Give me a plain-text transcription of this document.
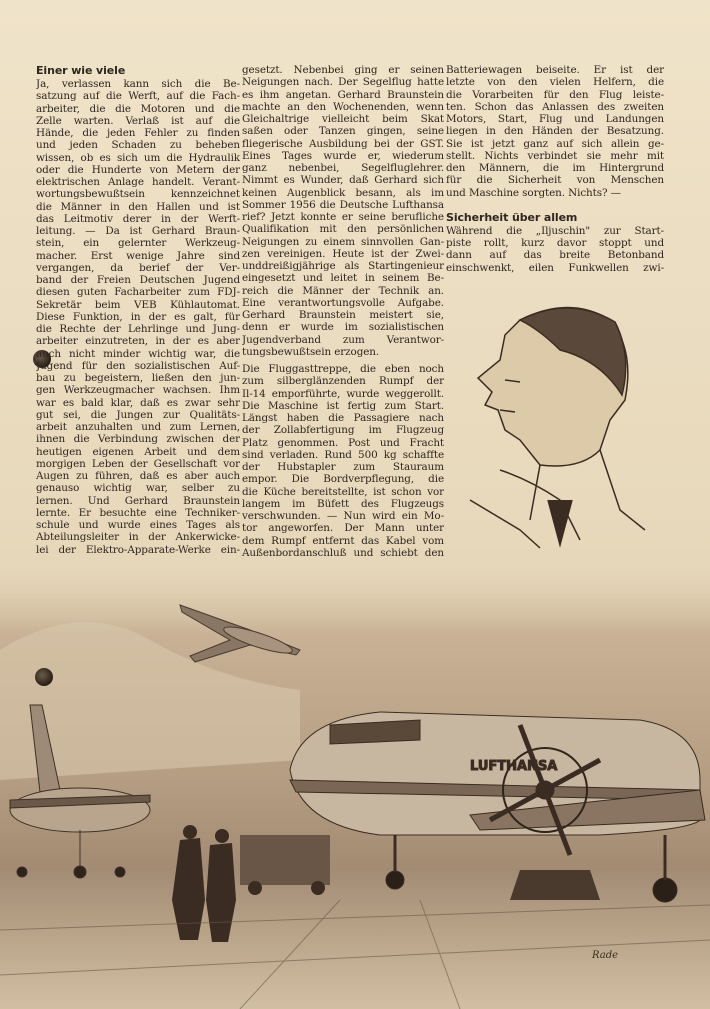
LUFTHANSA
Rade
Einer wie viele
Ja, verlassen kann sich die Be-
satzung auf die Werft, auf die Fach-
arbeiter, die die Motoren und die
Zelle warten. Verlaß ist auf die
Hände, die jeden Fehler zu finden
und jeden Schaden zu beheben
wissen, ob es sich um die Hydraulik
oder die Hunderte von Metern der
elektrischen Anlage handelt. Verant-
wortungsbewußtsein kennzeichnet
die Männer in den Hallen und ist
das Leitmotiv derer in der Werft-
leitung. — Da ist Gerhard Braun-
stein, ein gelernter Werkzeug-
macher. Erst wenige Jahre sind
vergangen, da berief der Ver-
band der Freien Deutschen Jugend
diesen guten Facharbeiter zum FDJ-
Sekretär beim VEB Kühlautomat.
Diese Funktion, in der es galt, für
die Rechte der Lehrlinge und Jung-
arbeiter einzutreten, in der es aber
auch nicht minder wichtig war, die
Jugend für den sozialistischen Auf-
bau zu begeistern, ließen den jun-
gen Werkzeugmacher wachsen. Ihm
war es bald klar, daß es zwar sehr
gut sei, die Jungen zur Qualitäts-
arbeit anzuhalten und zum Lernen,
ihnen die Verbindung zwischen der
heutigen eigenen Arbeit und dem
morgigen Leben der Gesellschaft vor
Augen zu führen, daß es aber auch
genauso wichtig war, selber zu
lernen. Und Gerhard Braunstein
lernte. Er besuchte eine Techniker-
schule und wurde eines Tages als
Abteilungsleiter in der Ankerwicke-
lei der Elektro-Apparate-Werke ein-
gesetzt. Nebenbei ging er seinen
Neigungen nach. Der Segelflug hatte
es ihm angetan. Gerhard Braunstein
machte an den Wochenenden, wenn
Gleichaltrige vielleicht beim Skat
saßen oder Tanzen gingen, seine
fliegerische Ausbildung bei der GST.
Eines Tages wurde er, wiederum
ganz nebenbei, Segelfluglehrer.
Nimmt es Wunder, daß Gerhard sich
keinen Augenblick besann, als im
Sommer 1956 die Deutsche Lufthansa
rief? Jetzt konnte er seine berufliche
Qualifikation mit den persönlichen
Neigungen zu einem sinnvollen Gan-
zen vereinigen. Heute ist der Zwei-
unddreißigjährige als Startingenieur
eingesetzt und leitet in seinem Be-
reich die Männer der Technik an.
Eine verantwortungsvolle Aufgabe.
Gerhard Braunstein meistert sie,
denn er wurde im sozialistischen
Jugendverband zum Verantwor-
tungsbewußtsein erzogen.
Die Fluggasttreppe, die eben noch
zum silberglänzenden Rumpf der
Il-14 emporführte, wurde weggerollt.
Die Maschine ist fertig zum Start.
Längst haben die Passagiere nach
der Zollabfertigung im Flugzeug
Platz genommen. Post und Fracht
sind verladen. Rund 500 kg schaffte
der Hubstapler zum Stauraum
empor. Die Bordverpflegung, die
die Küche bereitstellte, ist schon vor
langem im Büfett des Flugzeugs
verschwunden. — Nun wird ein Mo-
tor angeworfen. Der Mann unter
dem Rumpf entfernt das Kabel vom
Außenbordanschluß und schiebt den
Batteriewagen beiseite. Er ist der
letzte von den vielen Helfern, die
die Vorarbeiten für den Flug leiste-
ten. Schon das Anlassen des zweiten
Motors, Start, Flug und Landungen
liegen in den Händen der Besatzung.
Sie ist jetzt ganz auf sich allein ge-
stellt. Nichts verbindet sie mehr mit
den Männern, die im Hintergrund
für die Sicherheit von Menschen
und Maschine sorgten. Nichts? —
Sicherheit über allem
Während die „Iljuschin" zur Start-
piste rollt, kurz davor stoppt und
dann auf das breite Betonband
einschwenkt, eilen Funkwellen zwi-
